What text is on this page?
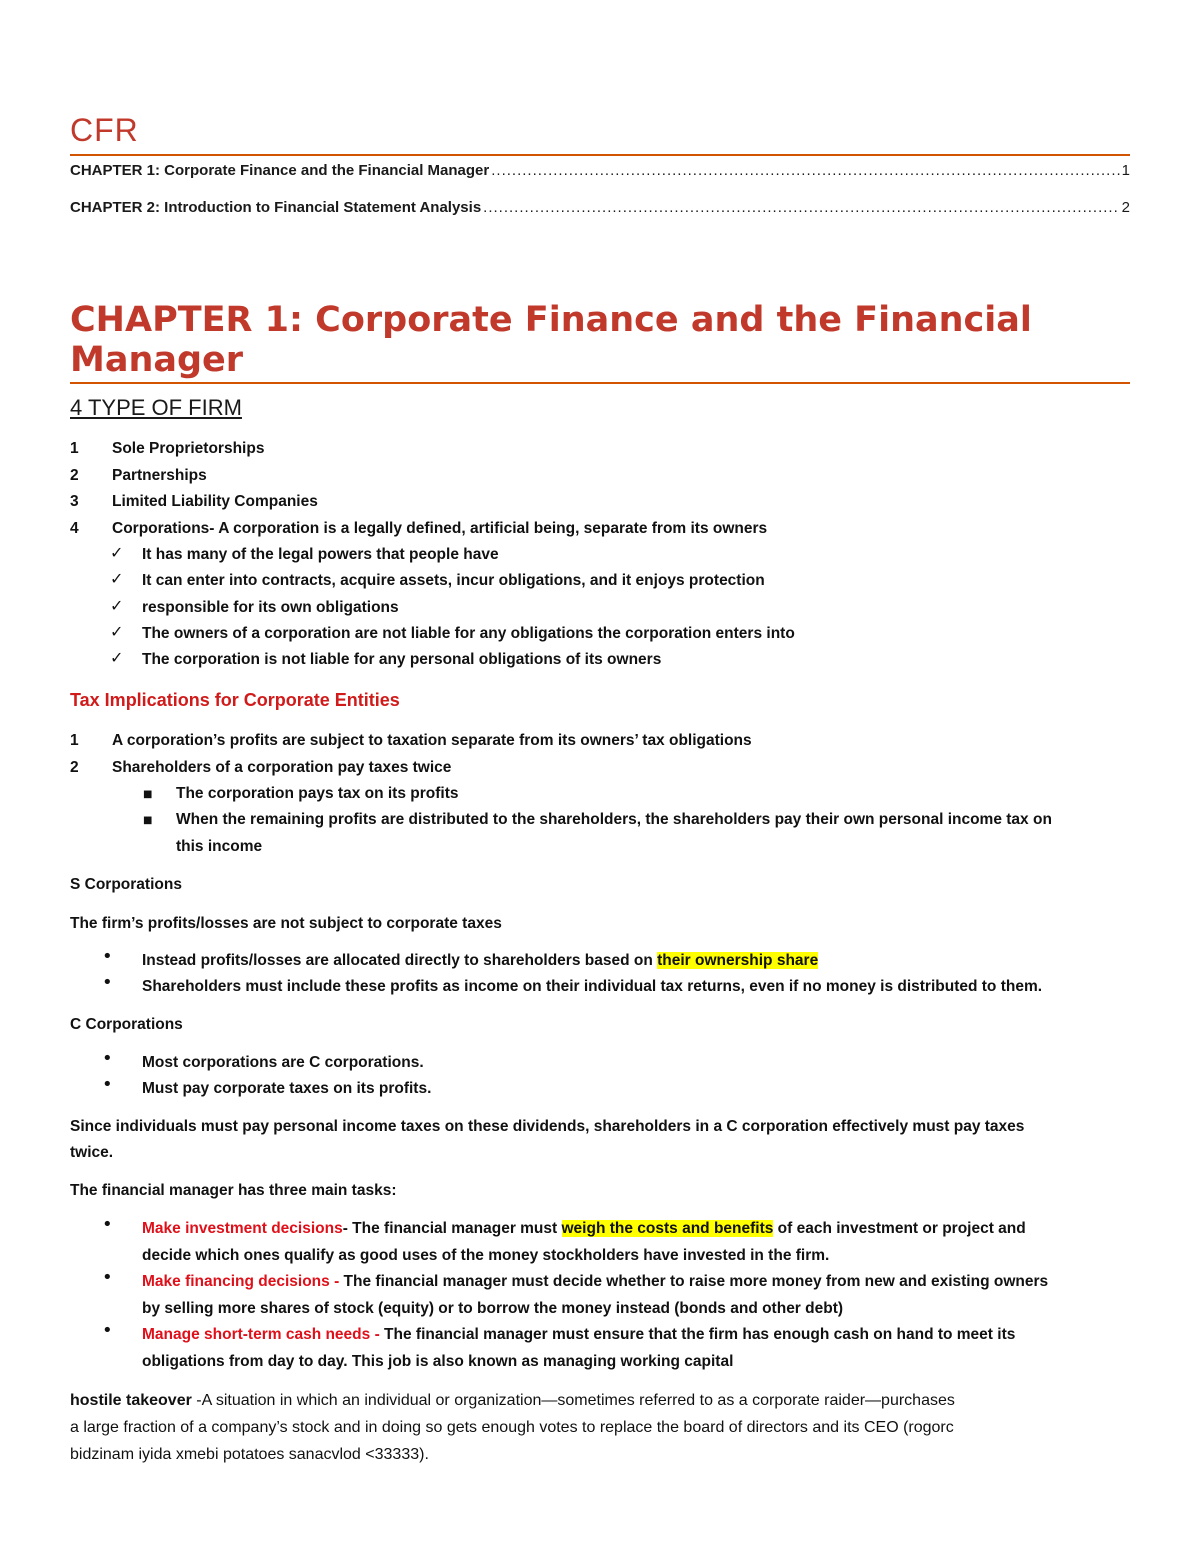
CFR
CHAPTER 1: Corporate Finance and the Financial Manager .....	1
CHAPTER 2: Introduction to Financial Statement Analysis .....	2
CHAPTER 1: Corporate Finance and the Financial Manager
4 TYPE OF FIRM
1 Sole Proprietorships
2 Partnerships
3 Limited Liability Companies
4 Corporations- A corporation is a legally defined, artificial being, separate from its owners
✓ It has many of the legal powers that people have
✓ It can enter into contracts, acquire assets, incur obligations, and it enjoys protection
✓ responsible for its own obligations
✓ The owners of a corporation are not liable for any obligations the corporation enters into
✓ The corporation is not liable for any personal obligations of its owners
Tax Implications for Corporate Entities
1 A corporation’s profits are subject to taxation separate from its owners’ tax obligations
2 Shareholders of a corporation pay taxes twice
■ The corporation pays tax on its profits
■ When the remaining profits are distributed to the shareholders, the shareholders pay their own personal income tax on
this income
S Corporations
The firm’s profits/losses are not subject to corporate taxes
• Instead profits/losses are allocated directly to shareholders based on their ownership share
• Shareholders must include these profits as income on their individual tax returns, even if no money is distributed to them.
C Corporations
• Most corporations are C corporations.
• Must pay corporate taxes on its profits.
Since individuals must pay personal income taxes on these dividends, shareholders in a C corporation effectively must pay taxes
twice.
The financial manager has three main tasks:
• Make investment decisions- The financial manager must weigh the costs and benefits of each investment or project and
decide which ones qualify as good uses of the money stockholders have invested in the firm.
• Make financing decisions - The financial manager must decide whether to raise more money from new and existing owners
by selling more shares of stock (equity) or to borrow the money instead (bonds and other debt)
• Manage short-term cash needs - The financial manager must ensure that the firm has enough cash on hand to meet its
obligations from day to day. This job is also known as managing working capital
hostile takeover -A situation in which an individual or organization—sometimes referred to as a corporate raider—purchases
a large fraction of a company’s stock and in doing so gets enough votes to replace the board of directors and its CEO (rogorc
bidzinam iyida xmebi potatoes sanacvlod <33333).
